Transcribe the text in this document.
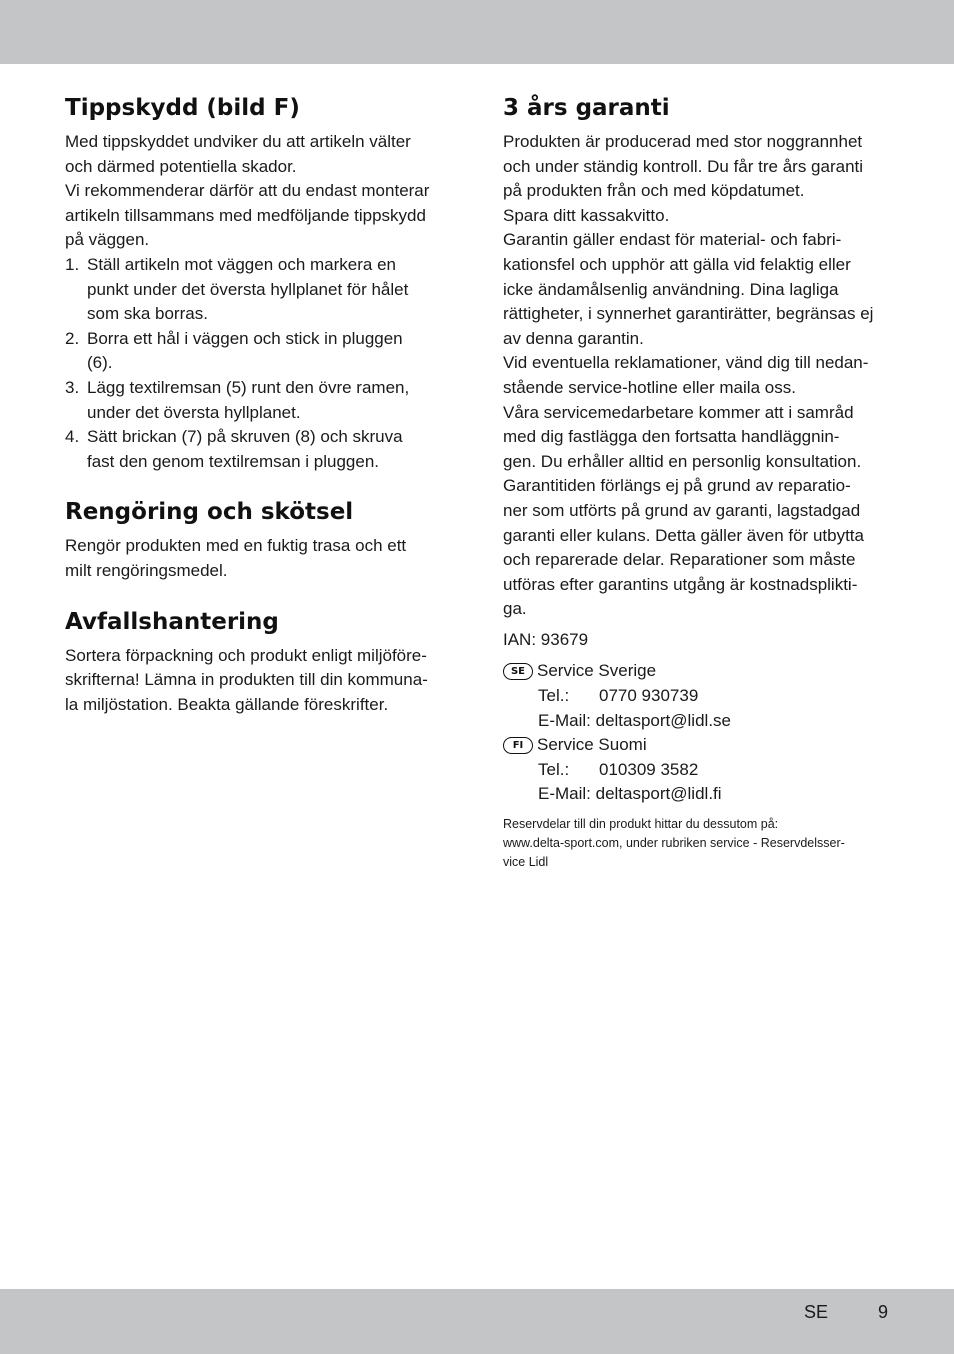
Tippskydd (bild F)
Med tippskyddet undviker du att artikeln välter
och därmed potentiella skador.
Vi rekommenderar därför att du endast monterar
artikeln tillsammans med medföljande tippskydd
på väggen.
1. Ställ artikeln mot väggen och markera en
punkt under det översta hyllplanet för hålet
som ska borras.
2. Borra ett hål i väggen och stick in pluggen
(6).
3. Lägg textilremsan (5) runt den övre ramen,
under det översta hyllplanet.
4. Sätt brickan (7) på skruven (8) och skruva
fast den genom textilremsan i pluggen.
Rengöring och skötsel
Rengör produkten med en fuktig trasa och ett
milt rengöringsmedel.
Avfallshantering
Sortera förpackning och produkt enligt miljöföre-
skrifterna! Lämna in produkten till din kommuna-
la miljöstation. Beakta gällande föreskrifter.
3 års garanti
Produkten är producerad med stor noggrannhet
och under ständig kontroll. Du får tre års garanti
på produkten från och med köpdatumet.
Spara ditt kassakvitto.
Garantin gäller endast för material- och fabri-
kationsfel och upphör att gälla vid felaktig eller
icke ändamålsenlig användning. Dina lagliga
rättigheter, i synnerhet garantirätter, begränsas ej
av denna garantin.
Vid eventuella reklamationer, vänd dig till nedan-
stående service-hotline eller maila oss.
Våra servicemedarbetare kommer att i samråd
med dig fastlägga den fortsatta handläggnin-
gen. Du erhåller alltid en personlig konsultation.
Garantitiden förlängs ej på grund av reparatio-
ner som utförts på grund av garanti, lagstadgad
garanti eller kulans. Detta gäller även för utbytta
och reparerade delar. Reparationer som måste
utföras efter garantins utgång är kostnadsplikti-
ga.
IAN: 93679
SE Service Sverige
Tel.:	0770 930739
E-Mail: deltasport@lidl.se
FI Service Suomi
Tel.:	010309 3582
E-Mail: deltasport@lidl.fi
Reservdelar till din produkt hittar du dessutom på:
www.delta-sport.com, under rubriken service - Reservdelsser-
vice Lidl
SE	9
